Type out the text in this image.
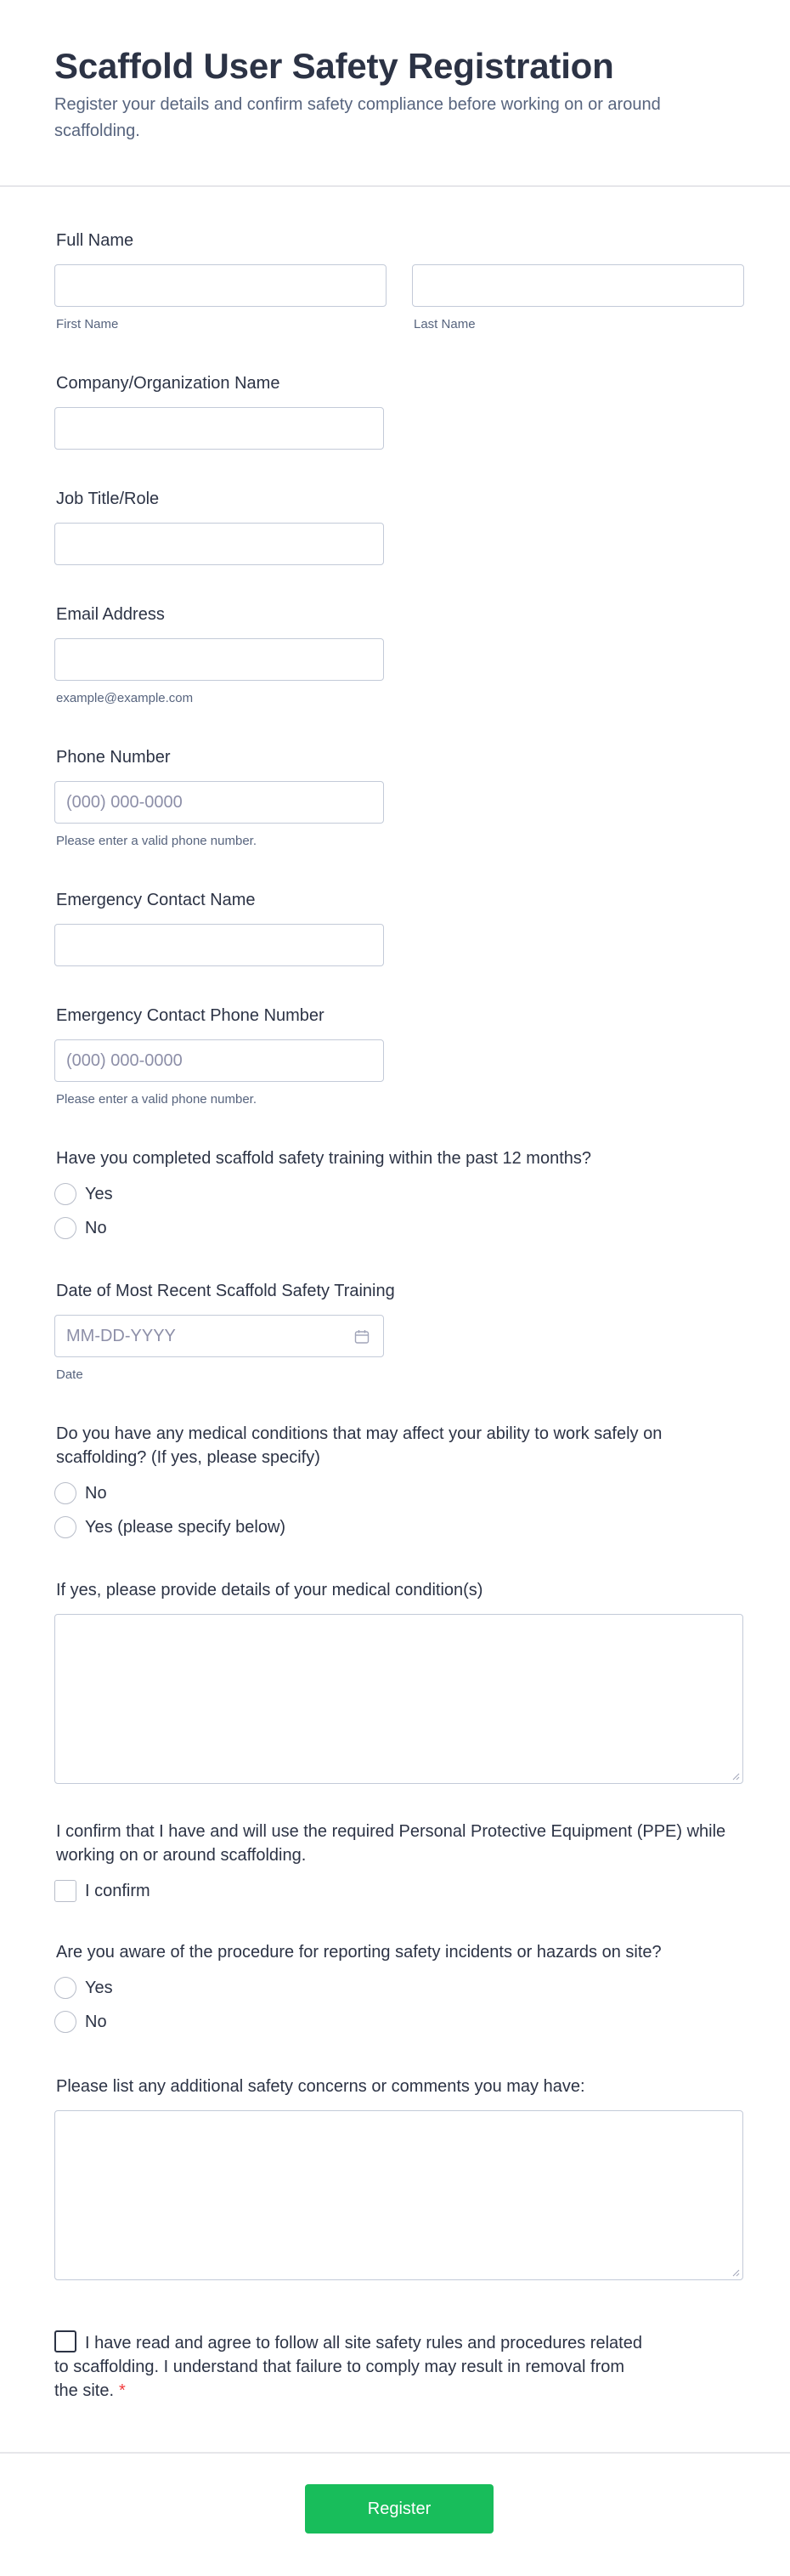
Scaffold User Safety Registration

Register your details and confirm safety compliance before working on or around scaffolding.

Full Name
First Name	Last Name
Company/Organization Name
Job Title/Role
Email Address
example@example.com
Phone Number
(000) 000-0000
Please enter a valid phone number.
Emergency Contact Name
Emergency Contact Phone Number
(000) 000-0000
Please enter a valid phone number.
Have you completed scaffold safety training within the past 12 months?
Yes
No
Date of Most Recent Scaffold Safety Training
MM-DD-YYYY
Date
Do you have any medical conditions that may affect your ability to work safely on scaffolding? (If yes, please specify)
No
Yes (please specify below)
If yes, please provide details of your medical condition(s)
I confirm that I have and will use the required Personal Protective Equipment (PPE) while working on or around scaffolding.
I confirm
Are you aware of the procedure for reporting safety incidents or hazards on site?
Yes
No
Please list any additional safety concerns or comments you may have:
I have read and agree to follow all site safety rules and procedures related to scaffolding. I understand that failure to comply may result in removal from the site. *
Register
